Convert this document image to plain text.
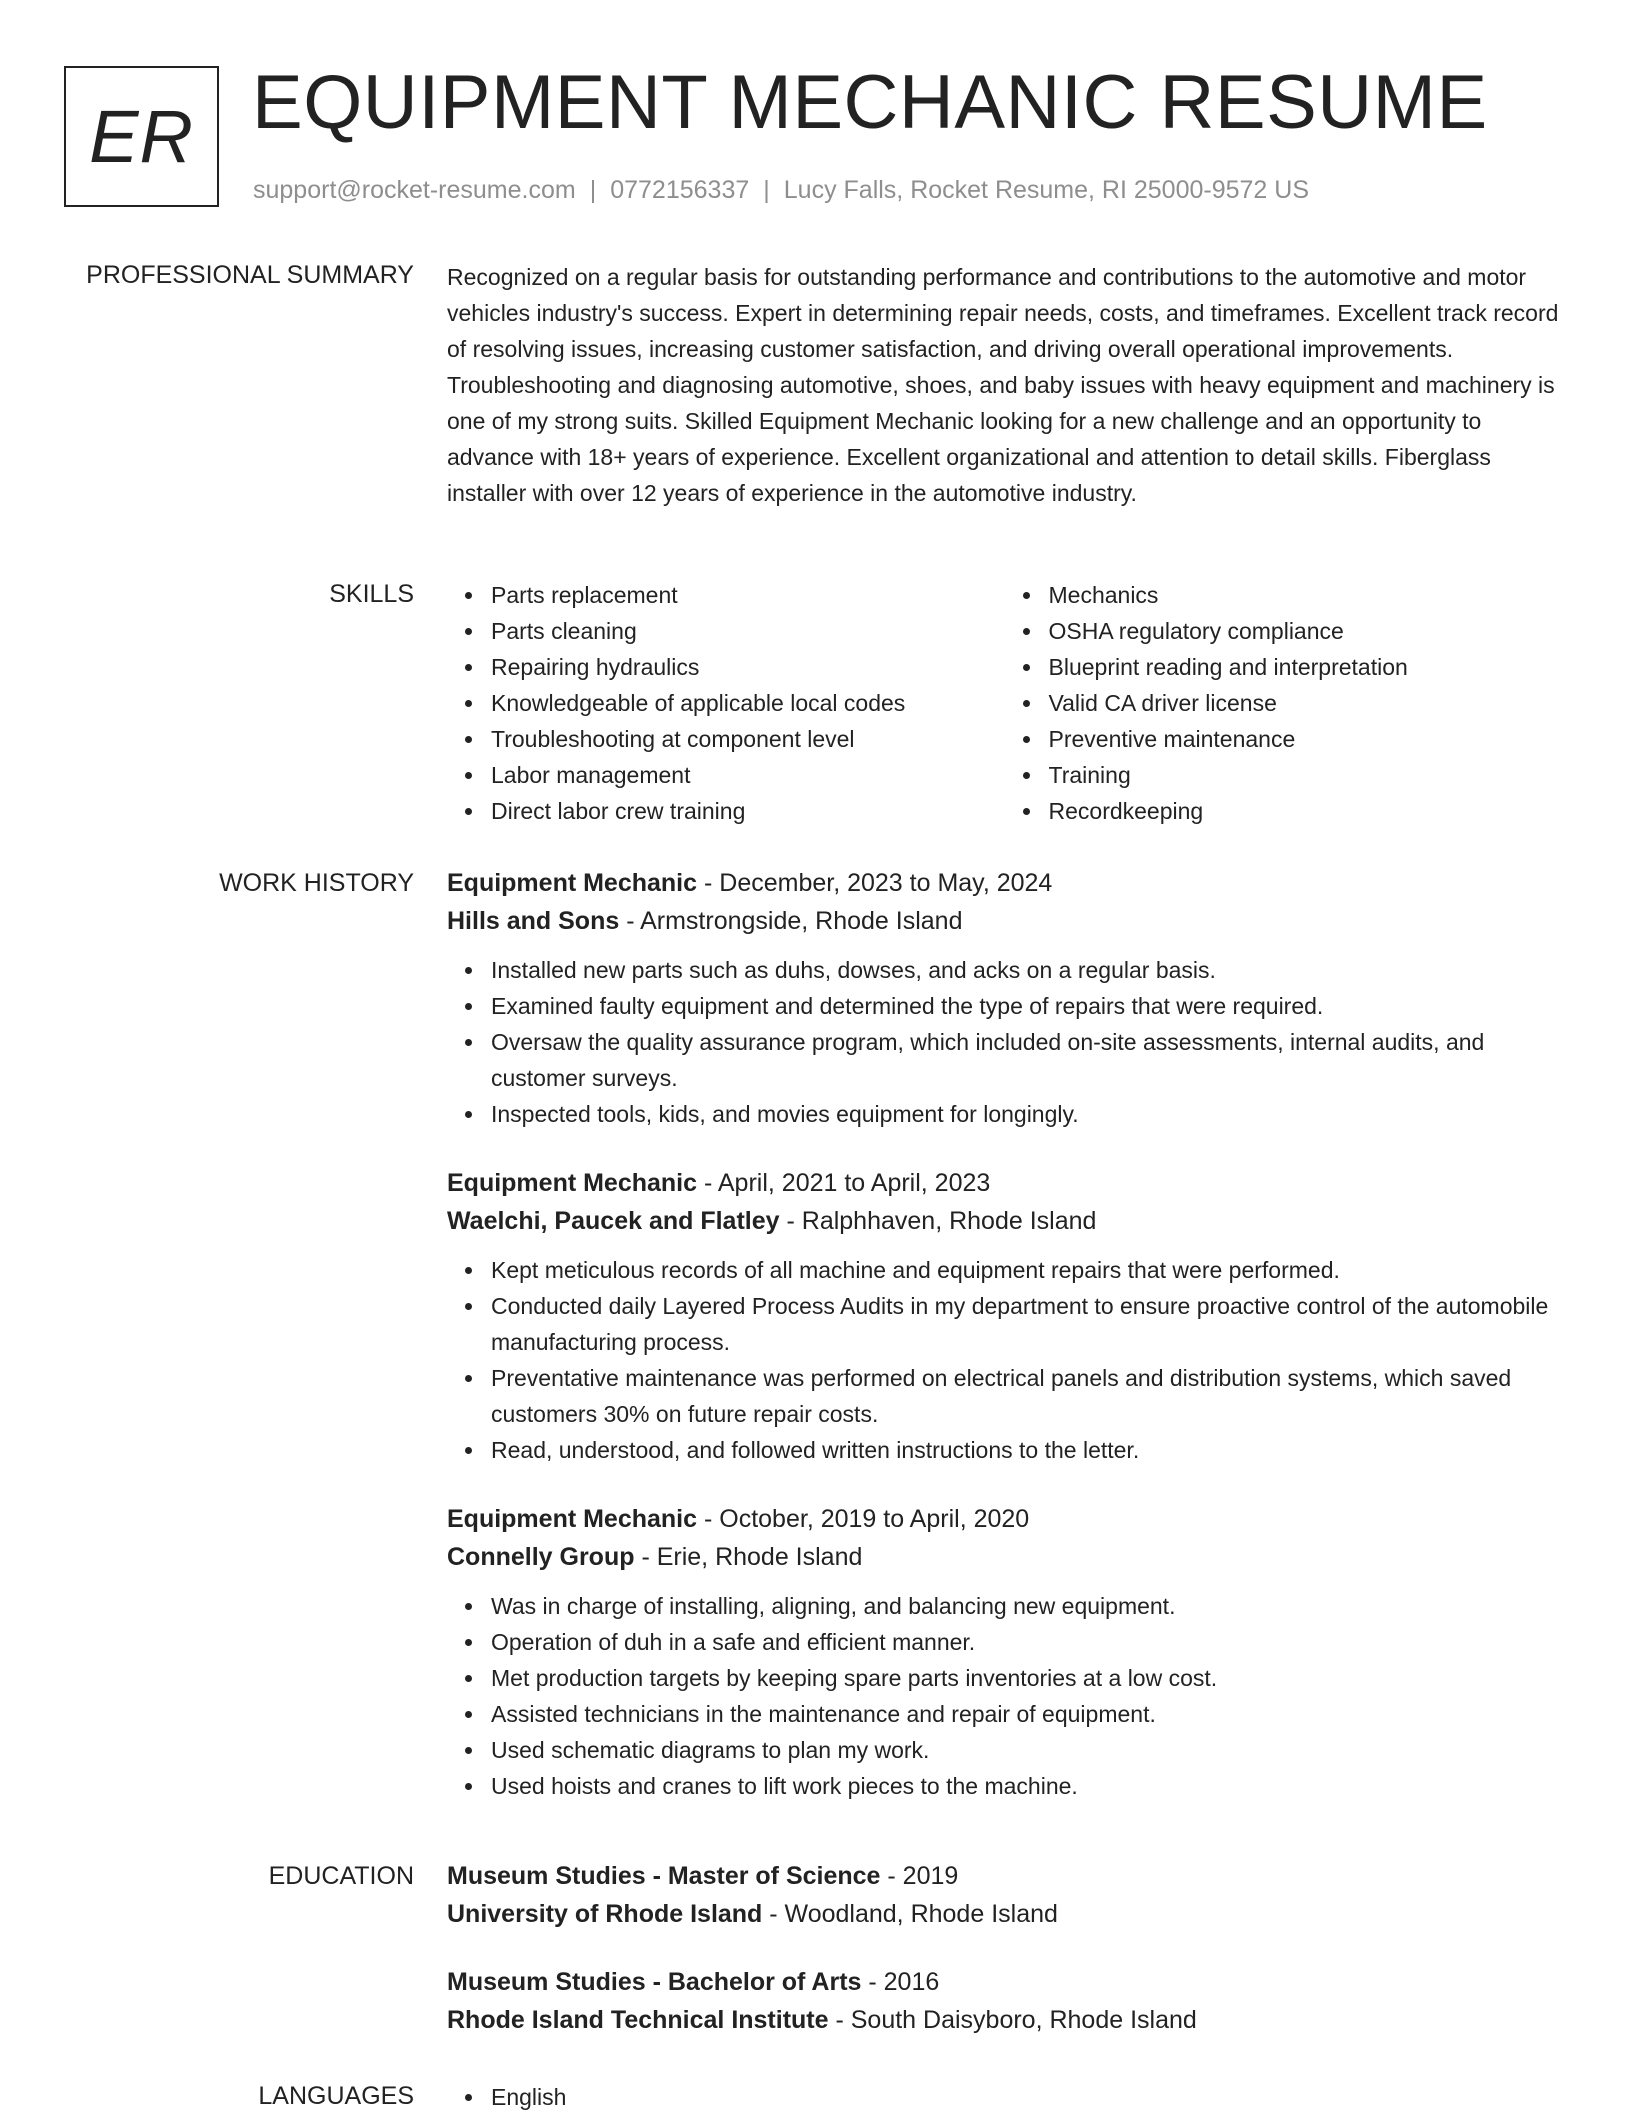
ER EQUIPMENT MECHANIC RESUME
support@rocket-resume.com | 0772156337 | Lucy Falls, Rocket Resume, RI 25000-9572 US
PROFESSIONAL SUMMARY Recognized on a regular basis for outstanding performance and contributions to the automotive and motor vehicles industry's success. Expert in determining repair needs, costs, and timeframes. Excellent track record of resolving issues, increasing customer satisfaction, and driving overall operational improvements. Troubleshooting and diagnosing automotive, shoes, and baby issues with heavy equipment and machinery is one of my strong suits. Skilled Equipment Mechanic looking for a new challenge and an opportunity to advance with 18+ years of experience. Excellent organizational and attention to detail skills. Fiberglass installer with over 12 years of experience in the automotive industry.

SKILLS	Parts replacement
Parts cleaning
Repairing hydraulics
Knowledgeable of applicable local codes
Troubleshooting at component level
Labor management
Direct labor crew training
Mechanics
OSHA regulatory compliance
Blueprint reading and interpretation
Valid CA driver license
Preventive maintenance
Training
Recordkeeping
WORK HISTORY Equipment Mechanic - December, 2023 to May, 2024

Hills and Sons - Armstrongside, Rhode Island

Installed new parts such as duhs, dowses, and acks on a regular basis.
Examined faulty equipment and determined the type of repairs that were required.
Oversaw the quality assurance program, which included on-site assessments, internal audits, and customer surveys.
Inspected tools, kids, and movies equipment for longingly.

Equipment Mechanic - April, 2021 to April, 2023

Waelchi, Paucek and Flatley - Ralphhaven, Rhode Island

Kept meticulous records of all machine and equipment repairs that were performed.
Conducted daily Layered Process Audits in my department to ensure proactive control of the automobile manufacturing process.
Preventative maintenance was performed on electrical panels and distribution systems, which saved customers 30% on future repair costs.
Read, understood, and followed written instructions to the letter.

Equipment Mechanic - October, 2019 to April, 2020

Connelly Group - Erie, Rhode Island

Was in charge of installing, aligning, and balancing new equipment.
Operation of duh in a safe and efficient manner.
Met production targets by keeping spare parts inventories at a low cost.
Assisted technicians in the maintenance and repair of equipment.
Used schematic diagrams to plan my work.
Used hoists and cranes to lift work pieces to the machine.
EDUCATION Museum Studies - Master of Science - 2019

University of Rhode Island - Woodland, Rhode Island

Museum Studies - Bachelor of Arts - 2016

Rhode Island Technical Institute - South Daisyboro, Rhode Island

LANGUAGES	English
